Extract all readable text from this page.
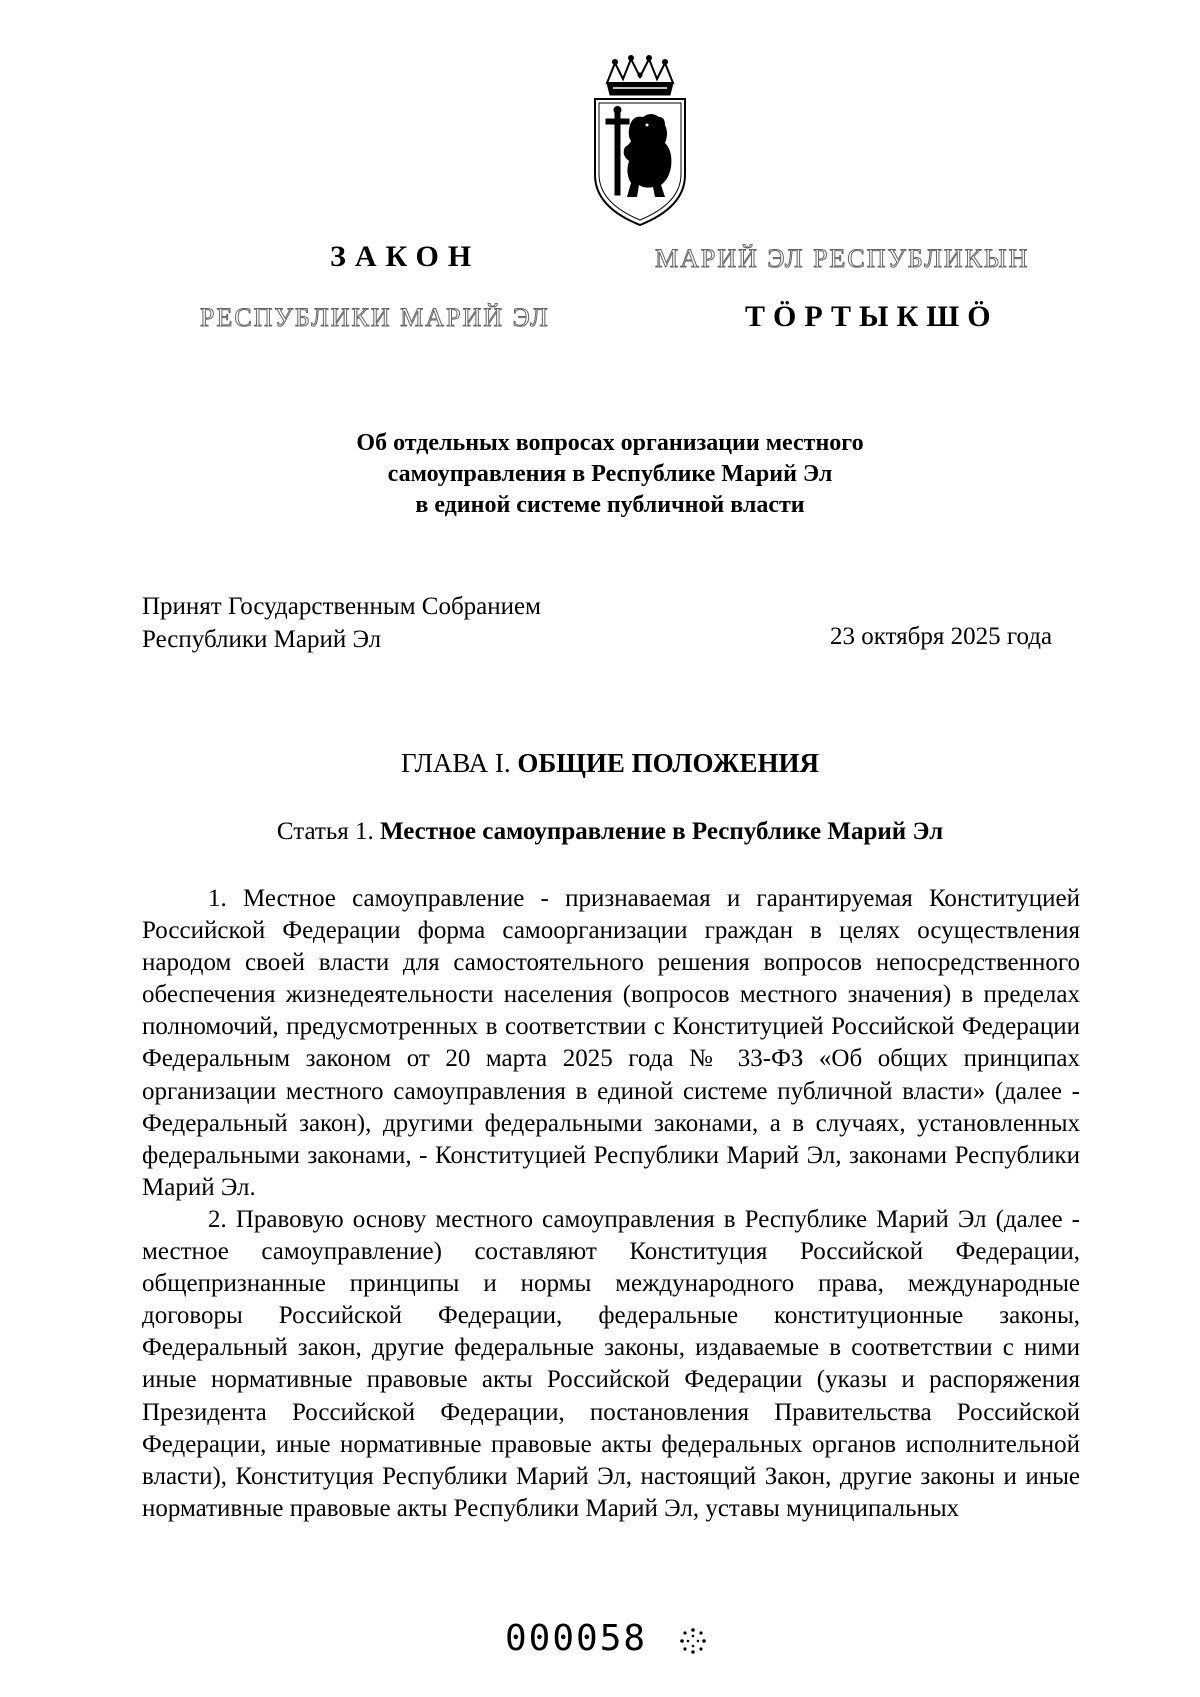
ЗАКОН	МАРИЙ ЭЛ РЕСПУБЛИКЫН
РЕСПУБЛИКИ МАРИЙ ЭЛ	ТӦРТЫКШӦ
Об отдельных вопросах организации местного
самоуправления в Республике Марий Эл
в единой системе публичной власти
Принят Государственным Собранием
Республики Марий Эл	23 октября 2025 года
ГЛАВА I. ОБЩИЕ ПОЛОЖЕНИЯ
Статья 1. Местное самоуправление в Республике Марий Эл

1. Местное самоуправление - признаваемая и гарантируемая Конституцией Российской Федерации форма самоорганизации граждан в целях осуществления народом своей власти для самостоятельного решения вопросов непосредственного обеспечения жизнедеятельности населения (вопросов местного значения) в пределах полномочий, предусмотренных в соответствии с Конституцией Российской Федерации Федеральным законом от 20 марта 2025 года № 33-ФЗ «Об общих принципах организации местного самоуправления в единой системе публичной власти» (далее - Федеральный закон), другими федеральными законами, а в случаях, установленных федеральными законами, - Конституцией Республики Марий Эл, законами Республики Марий Эл.

2. Правовую основу местного самоуправления в Республике Марий Эл (далее - местное самоуправление) составляют Конституция Российской Федерации, общепризнанные принципы и нормы международного права, международные договоры Российской Федерации, федеральные конституционные законы, Федеральный закон, другие федеральные законы, издаваемые в соответствии с ними иные нормативные правовые акты Российской Федерации (указы и распоряжения Президента Российской Федерации, постановления Правительства Российской Федерации, иные нормативные правовые акты федеральных органов исполнительной власти), Конституция Республики Марий Эл, настоящий Закон, другие законы и иные нормативные правовые акты Республики Марий Эл, уставы муниципальных

000058
